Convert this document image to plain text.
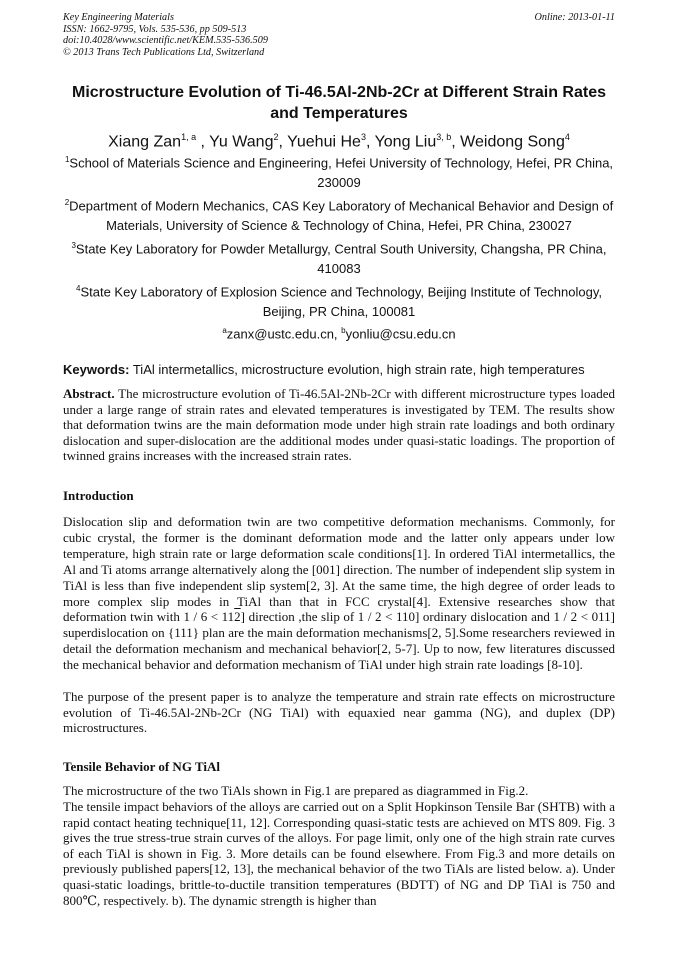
Key Engineering Materials
ISSN: 1662-9795, Vols. 535-536, pp 509-513
doi:10.4028/www.scientific.net/KEM.535-536.509
© 2013 Trans Tech Publications Ltd, Switzerland
Online: 2013-01-11
Microstructure Evolution of Ti-46.5Al-2Nb-2Cr at Different Strain Rates
and Temperatures
Xiang Zan$^{1, a}$ , Yu Wang$^2$, Yuehui He$^3$, Yong Liu$^{3, b}$, Weidong Song$^4$
$^1$School of Materials Science and Engineering, Hefei University of Technology, Hefei, PR China,
230009
$^2$Department of Modern Mechanics, CAS Key Laboratory of Mechanical Behavior and Design of
Materials, University of Science & Technology of China, Hefei, PR China, 230027
$^3$State Key Laboratory for Powder Metallurgy, Central South University, Changsha, PR China,
410083
$^4$State Key Laboratory of Explosion Science and Technology, Beijing Institute of Technology,
Beijing, PR China, 100081
$^a$zanx@ustc.edu.cn, $^b$yonliu@csu.edu.cn
Keywords: TiAl intermetallics, microstructure evolution, high strain rate, high temperatures
Abstract. The microstructure evolution of Ti-46.5Al-2Nb-2Cr with different microstructure types loaded under a large range of strain rates and elevated temperatures is investigated by TEM. The results show that deformation twins are the main deformation mode under high strain rate loadings and both ordinary dislocation and super-dislocation are the additional modes under quasi-static loadings. The proportion of twinned grains increases with the increased strain rates.
Introduction
Dislocation slip and deformation twin are two competitive deformation mechanisms. Commonly, for cubic crystal, the former is the dominant deformation mode and the latter only appears under low temperature, high strain rate or large deformation scale conditions[1]. In ordered TiAl intermetallics, the Al and Ti atoms arrange alternatively along the [001] direction. The number of independent slip system in TiAl is less than five independent slip system[2, 3]. At the same time, the high degree of order leads to more complex slip modes in TiAl than that in FCC crystal[4]. Extensive researches show that deformation twin with 1 / 6 < 112] direction ,the slip of 1 / 2 < 110] ordinary dislocation and 1 / 2 < 011] superdislocation on {111} plan are the main deformation mechanisms[2, 5].Some researchers reviewed in detail the deformation mechanism and mechanical behavior[2, 5-7]. Up to now, few literatures discussed the mechanical behavior and deformation mechanism of TiAl under high strain rate loadings [8-10].
The purpose of the present paper is to analyze the temperature and strain rate effects on microstructure evolution of Ti-46.5Al-2Nb-2Cr (NG TiAl) with equaxied near gamma (NG), and duplex (DP) microstructures.
Tensile Behavior of NG TiAl
The microstructure of the two TiAls shown in Fig.1 are prepared as diagrammed in Fig.2.
The tensile impact behaviors of the alloys are carried out on a Split Hopkinson Tensile Bar (SHTB) with a rapid contact heating technique[11, 12]. Corresponding quasi-static tests are achieved on MTS 809. Fig. 3 gives the true stress-true strain curves of the alloys. For page limit, only one of the high strain rate curves of each TiAl is shown in Fig. 3. More details can be found elsewhere. From Fig.3 and more details on previously published papers[12, 13], the mechanical behavior of the two TiAls are listed below. a). Under quasi-static loadings, brittle-to-ductile transition temperatures (BDTT) of NG and DP TiAl is 750 and 800℃, respectively. b). The dynamic strength is higher than
